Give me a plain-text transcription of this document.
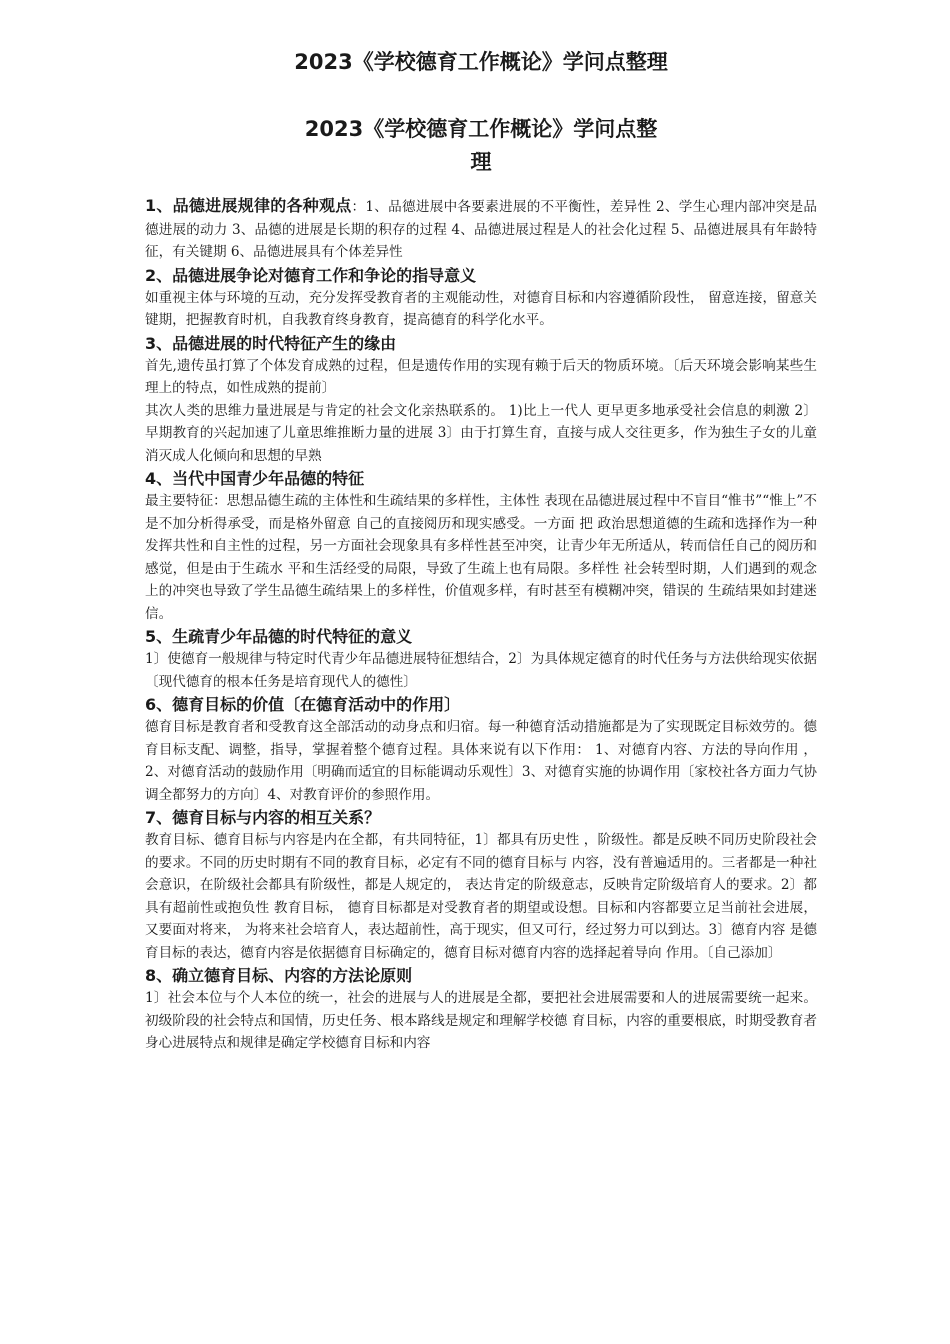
2023《学校德育工作概论》学问点整理
2023《学校德育工作概论》学问点整理

1、品德进展规律的各种观点：1、品德进展中各要素进展的不平衡性，差异性 2、学生心理内部冲突是品德进展的动力 3、品德的进展是长期的积存的过程 4、品德进展过程是人的社会化过程 5、品德进展具有年龄特征，有关键期 6、品德进展具有个体差异性

2、品德进展争论对德育工作和争论的指导意义

如重视主体与环境的互动，充分发挥受教育者的主观能动性，对德育目标和内容遵循阶段性， 留意连接，留意关键期，把握教育时机，自我教育终身教育，提高德育的科学化水平。

3、品德进展的时代特征产生的缘由

首先,遗传虽打算了个体发育成熟的过程，但是遗传作用的实现有赖于后天的物质环境。〔后天环境会影响某些生理上的特点，如性成熟的提前〕

其次人类的思维力量进展是与肯定的社会文化亲热联系的。 1)比上一代人 更早更多地承受社会信息的刺激 2〕早期教育的兴起加速了儿童思维推断力量的进展 3〕由于打算生育，直接与成人交往更多，作为独生子女的儿童消灭成人化倾向和思想的早熟

4、当代中国青少年品德的特征

最主要特征：思想品德生疏的主体性和生疏结果的多样性，主体性 表现在品德进展过程中不盲目“惟书”“惟上”不是不加分析得承受，而是格外留意 自己的直接阅历和现实感受。一方面 把 政治思想道德的生疏和选择作为一种发挥共性和自主性的过程，另一方面社会现象具有多样性甚至冲突，让青少年无所适从，转而信任自己的阅历和感觉，但是由于生疏水 平和生活经受的局限，导致了生疏上也有局限。多样性 社会转型时期，人们遇到的观念上的冲突也导致了学生品德生疏结果上的多样性，价值观多样，有时甚至有模糊冲突，错误的 生疏结果如封建迷信。

5、生疏青少年品德的时代特征的意义

1〕使德育一般规律与特定时代青少年品德进展特征想结合，2〕为具体规定德育的时代任务与方法供给现实依据〔现代德育的根本任务是培育现代人的德性〕

6、德育目标的价值〔在德育活动中的作用〕

德育目标是教育者和受教育这全部活动的动身点和归宿。每一种德育活动措施都是为了实现既定目标效劳的。德育目标支配、调整，指导，掌握着整个德育过程。具体来说有以下作用： 1、对德育内容、方法的导向作用 ， 2、对德育活动的鼓励作用〔明确而适宜的目标能调动乐观性〕3、对德育实施的协调作用〔家校社各方面力气协调全都努力的方向〕4、对教育评价的参照作用。

7、德育目标与内容的相互关系？

教育目标、德育目标与内容是内在全都，有共同特征，1〕都具有历史性 ，阶级性。都是反映不同历史阶段社会的要求。不同的历史时期有不同的教育目标，必定有不同的德育目标与 内容，没有普遍适用的。三者都是一种社会意识，在阶级社会都具有阶级性，都是人规定的， 表达肯定的阶级意志，反映肯定阶级培育人的要求。2〕都具有超前性或抱负性 教育目标， 德育目标都是对受教育者的期望或设想。目标和内容都要立足当前社会进展，又要面对将来， 为将来社会培育人，表达超前性，高于现实，但又可行，经过努力可以到达。3〕德育内容 是德育目标的表达，德育内容是依据德育目标确定的，德育目标对德育内容的选择起着导向 作用。〔自己添加〕

8、确立德育目标、内容的方法论原则

1〕社会本位与个人本位的统一，社会的进展与人的进展是全都，要把社会进展需要和人的进展需要统一起来。初级阶段的社会特点和国情，历史任务、根本路线是规定和理解学校德 育目标，内容的重要根底，时期受教育者身心进展特点和规律是确定学校德育目标和内容
